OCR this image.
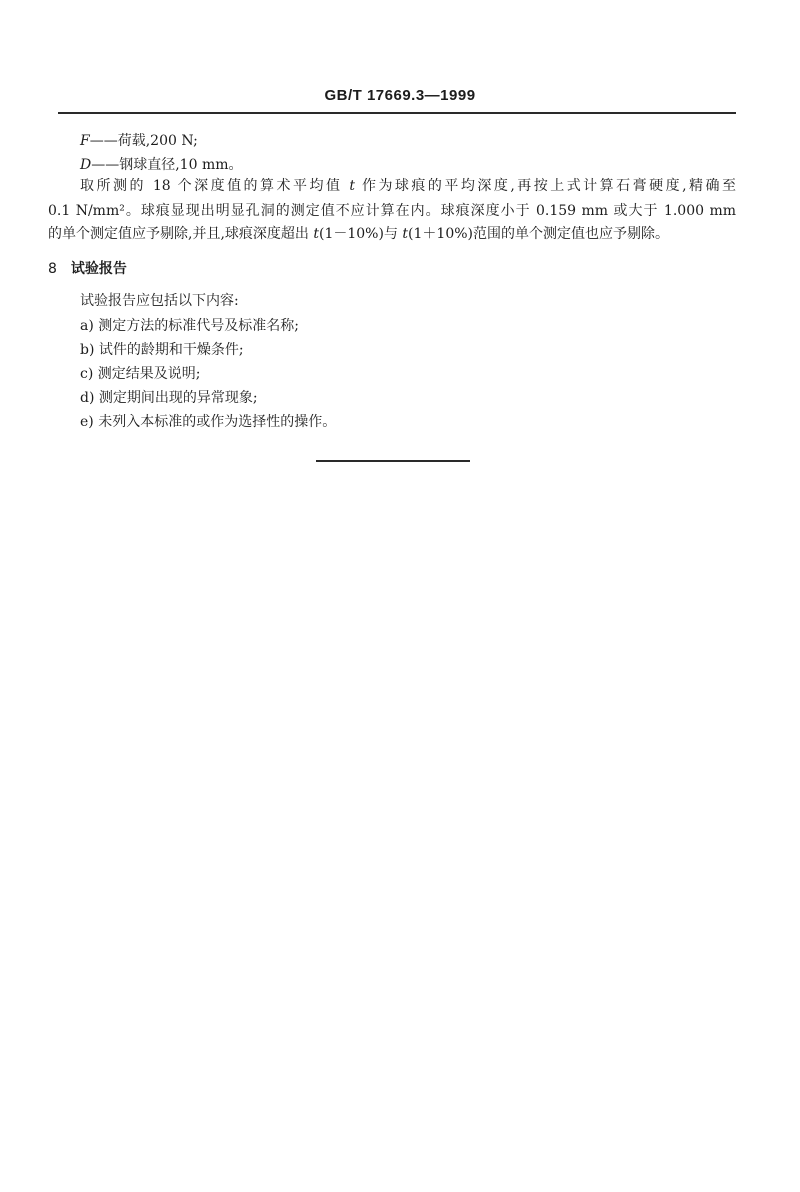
GB/T 17669.3—1999
F——荷载,200 N;
D——钢球直径,10 mm。
取所测的 18 个深度值的算术平均值 t 作为球痕的平均深度,再按上式计算石膏硬度,精确至
0.1 N/mm²。球痕显现出明显孔洞的测定值不应计算在内。球痕深度小于 0.159 mm 或大于 1.000 mm
的单个测定值应予剔除,并且,球痕深度超出 t(1－10%)与 t(1＋10%)范围的单个测定值也应予剔除。
8 试验报告
试验报告应包括以下内容:
a) 测定方法的标准代号及标准名称;
b) 试件的龄期和干燥条件;
c) 测定结果及说明;
d) 测定期间出现的异常现象;
e) 未列入本标准的或作为选择性的操作。
